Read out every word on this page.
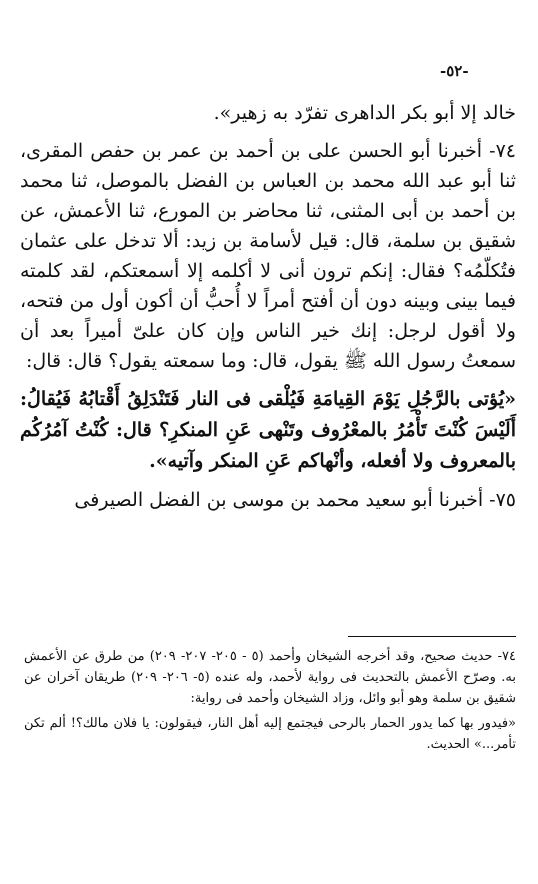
-٥٢-

خالد إلا أبو بكر الداهرى تفرّد به زهير».

٧٤- أخبرنا أبو الحسن على بن أحمد بن عمر بن حفص المقرى، ثنا أبو عبد الله محمد بن العباس بن الفضل بالموصل، ثنا محمد بن أحمد بن أبى المثنى، ثنا محاضر بن المورع، ثنا الأعمش، عن شقيق بن سلمة، قال: قيل لأسامة بن زيد: ألا تدخل على عثمان فتُكلّمُه؟ فقال: إنكم ترون أنى لا أكلمه إلا أسمعتكم، لقد كلمته فيما بينى وبينه دون أن أفتح أمراً لا أُحبُّ أن أكون أول من فتحه، ولا أقول لرجل: إنك خير الناس وإن كان علىّ أميراً بعد أن سمعتُ رسول الله ﷺ يقول، قال: وما سمعته يقول؟ قال: قال:

«يُؤتى بالرَّجُلِ يَوْمَ القِيامَةِ فَيُلْقى فى النار فَتَنْدَلِقُ أَقْتابُهُ فَيُقالُ: أَلَيْسَ كُنْتَ تَأْمُرُ بالمعْرُوف وتَنْهى عَنِ المنكرِ؟ قال: كُنْتُ آمُرُكُم بالمعروف ولا أفعله، وأنْهاكم عَنِ المنكر وآتيه».

٧٥- أخبرنا أبو سعيد محمد بن موسى بن الفضل الصيرفى

٧٤- حديث صحيح، وقد أخرجه الشيخان وأحمد (٥ - ٢٠٥- ٢٠٧- ٢٠٩) من طرق عن الأعمش به. وصرّح الأعمش بالتحديث فى رواية لأحمد، وله عنده (٥- ٢٠٦- ٢٠٩) طريقان آخران عن شقيق بن سلمة وهو أبو وائل، وزاد الشيخان وأحمد فى رواية:

«فيدور بها كما يدور الحمار بالرحى فيجتمع إليه أهل النار، فيقولون: يا فلان مالك؟! ألم تكن تأمر...» الحديث.
